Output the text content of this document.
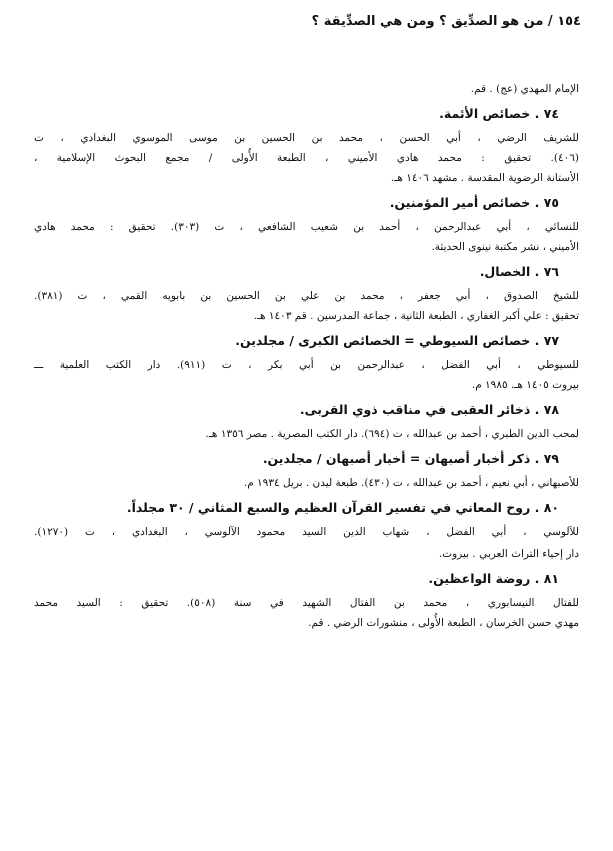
١٥٤ / من هو الصدِّيق ؟ ومن هي الصدِّيقة ؟
الإمام المهدي (عج) . قم.
٧٤ . خصائص الأئمة.
للشريف الرضي ، أبي الحسن ، محمد بن الحسين بن موسى الموسوي البغدادي ، ت
(٤٠٦). تحقيق : محمد هادي الأميني ، الطبعة الأُولى / مجمع البحوث الإسلامية ،
الأستانة الرضوية المقدسة . مشهد ١٤٠٦ هـ.
٧٥ . خصائص أمير المؤمنين.
للنسائي ، أبي عبدالرحمن ، أحمد بن شعيب الشافعي ، ت (٣٠٣). تحقيق : محمد هادي
الأميني ، نشر مكتبة نينوى الحديثة.
٧٦ . الخصال.
للشيخ الصدوق ، أبي جعفر ، محمد بن علي بن الحسين بن بابويه القمي ، ت (٣٨١).
تحقيق : علي أكبر الغفاري ، الطبعة الثانية ، جماعة المدرسين . قم ١٤٠٣ هـ.
٧٧ . خصائص السيوطي = الخصائص الكبرى / مجلدين.
للسيوطي ، أبي الفضل ، عبدالرحمن بن أبي بكر ، ت (٩١١). دار الكتب العلمية ـــ
بيروت ١٤٠٥ هـ. ١٩٨٥ م.
٧٨ . ذخائر العقبى في مناقب ذوي القربى.
لمحب الدين الطبري ، أحمد بن عبدالله ، ت (٦٩٤). دار الكتب المصرية . مصر ١٣٥٦ هـ.
٧٩ . ذكر أخبار أصبهان = أخبار أصبهان / مجلدين.
للأصبهاني ، أبي نعيم ، أحمد بن عبدالله ، ت (٤٣٠). طبعة ليدن . بريل ١٩٣٤ م.
٨٠ . روح المعاني في تفسير القرآن العظيم والسبع المثاني / ٣٠ مجلداً.
للآلوسي ، أبي الفضل ، شهاب الدين السيد محمود الآلوسي ، البغدادي ، ت (١٢٧٠).
دار إحياء التراث العربي . بيروت.
٨١ . روضة الواعظين.
للفتال النيسابوري ، محمد بن الفتال الشهيد في سنة (٥٠٨). تحقيق : السيد محمد
مهدي حسن الخرسان ، الطبعة الأُولى ، منشورات الرضي . قم.
